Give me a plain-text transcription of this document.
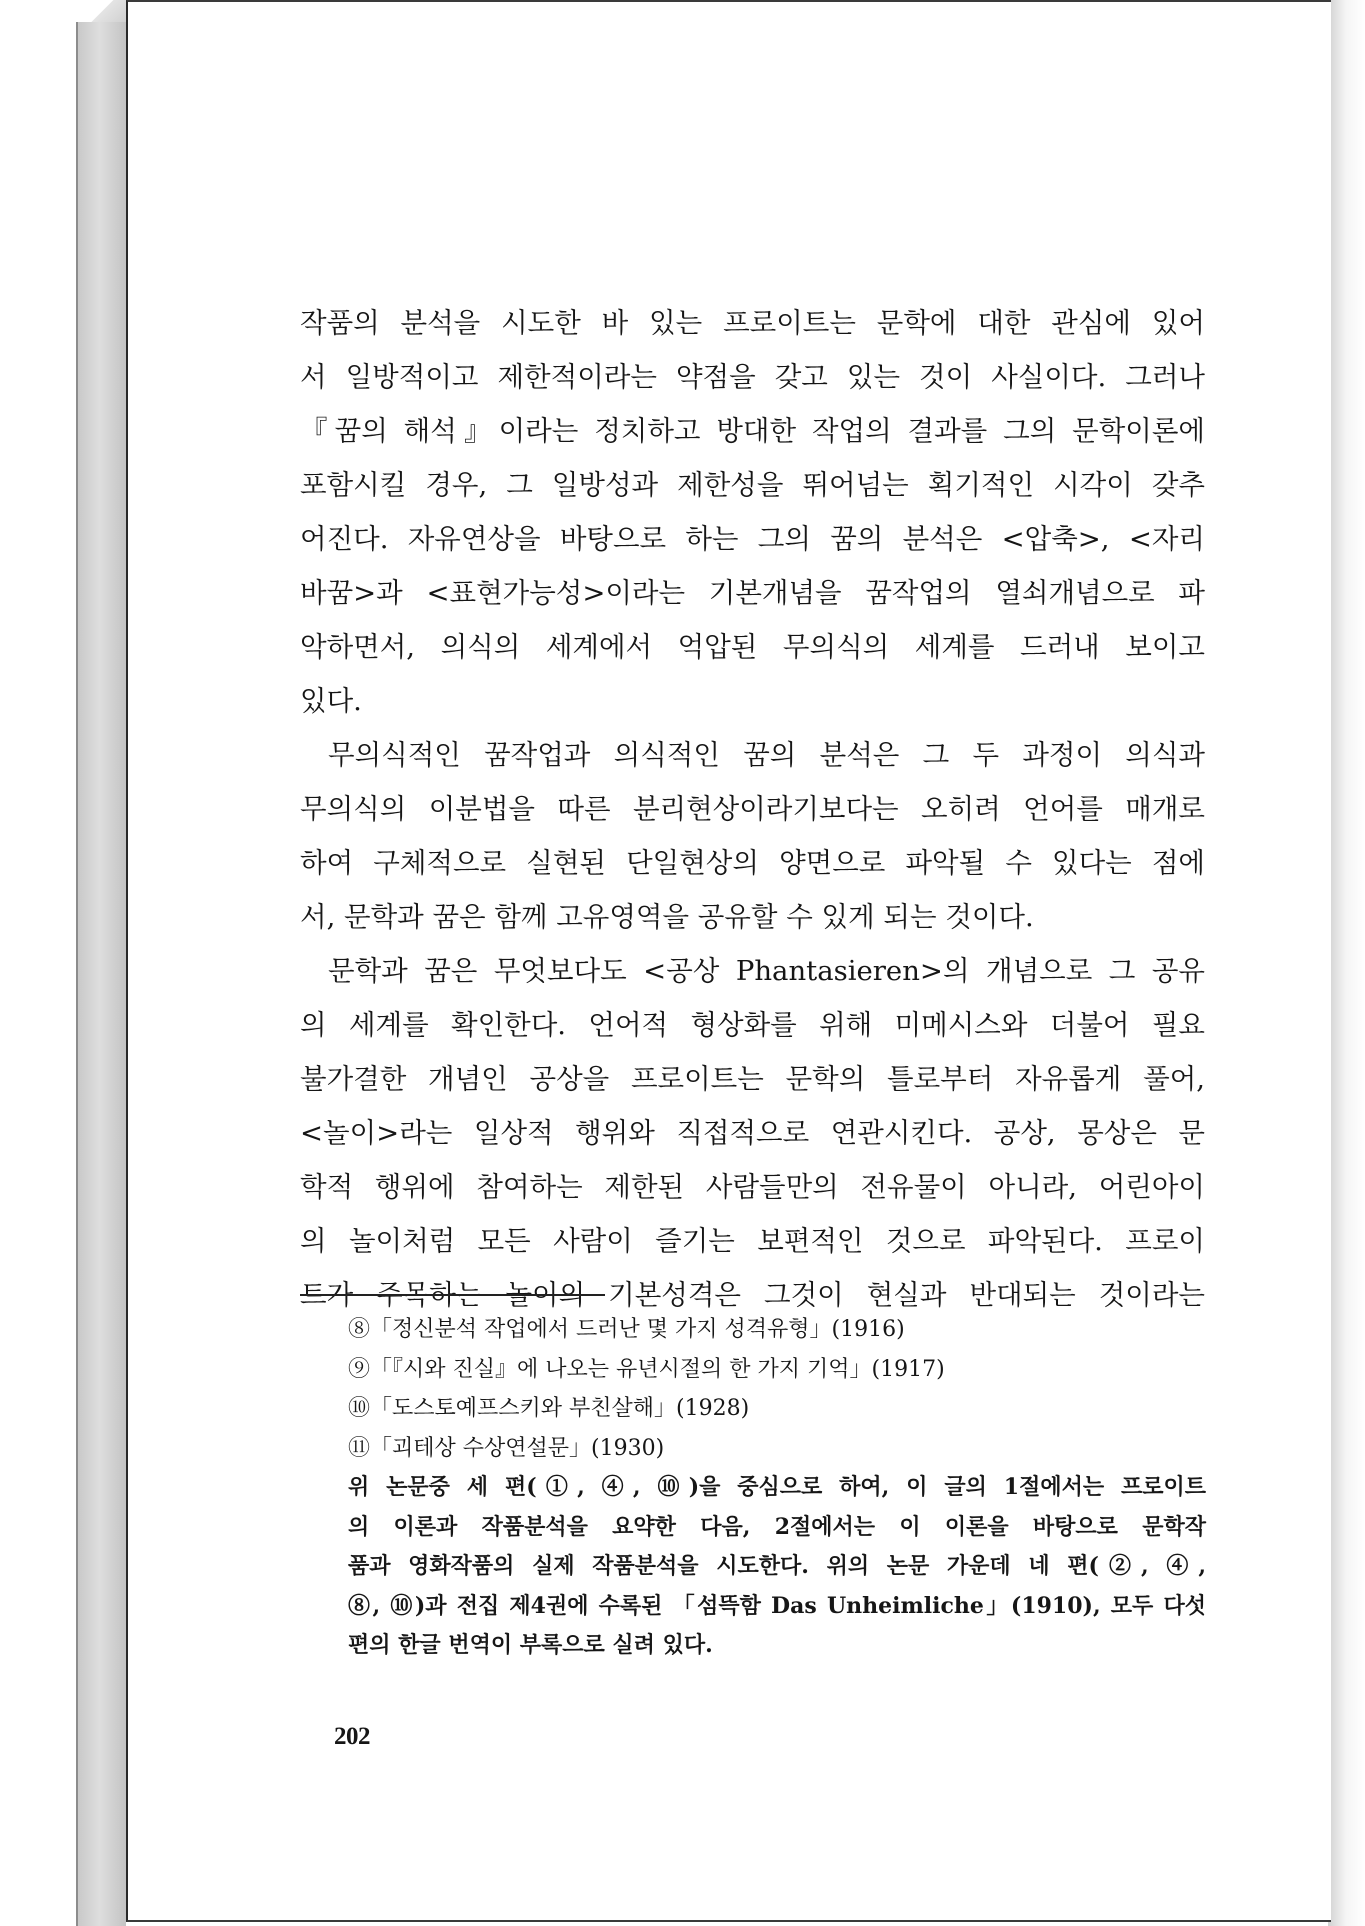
작품의 분석을 시도한 바 있는 프로이트는 문학에 대한 관심에 있어
서 일방적이고 제한적이라는 약점을 갖고 있는 것이 사실이다. 그러나
『꿈의 해석』이라는 정치하고 방대한 작업의 결과를 그의 문학이론에
포함시킬 경우, 그 일방성과 제한성을 뛰어넘는 획기적인 시각이 갖추
어진다. 자유연상을 바탕으로 하는 그의 꿈의 분석은 <압축>, <자리
바꿈>과 <표현가능성>이라는 기본개념을 꿈작업의 열쇠개념으로 파
악하면서, 의식의 세계에서 억압된 무의식의 세계를 드러내 보이고
있다.
무의식적인 꿈작업과 의식적인 꿈의 분석은 그 두 과정이 의식과
무의식의 이분법을 따른 분리현상이라기보다는 오히려 언어를 매개로
하여 구체적으로 실현된 단일현상의 양면으로 파악될 수 있다는 점에
서, 문학과 꿈은 함께 고유영역을 공유할 수 있게 되는 것이다.
문학과 꿈은 무엇보다도 <공상 Phantasieren>의 개념으로 그 공유
의 세계를 확인한다. 언어적 형상화를 위해 미메시스와 더불어 필요
불가결한 개념인 공상을 프로이트는 문학의 틀로부터 자유롭게 풀어,
<놀이>라는 일상적 행위와 직접적으로 연관시킨다. 공상, 몽상은 문
학적 행위에 참여하는 제한된 사람들만의 전유물이 아니라, 어린아이
의 놀이처럼 모든 사람이 즐기는 보편적인 것으로 파악된다. 프로이
트가 주목하는 놀이의 기본성격은 그것이 현실과 반대되는 것이라는
⑧「정신분석 작업에서 드러난 몇 가지 성격유형」(1916)
⑨「『시와 진실』에 나오는 유년시절의 한 가지 기억」(1917)
⑩「도스토예프스키와 부친살해」(1928)
⑪「괴테상 수상연설문」(1930)
위 논문중 세 편(①, ④, ⑩)을 중심으로 하여, 이 글의 1절에서는 프로이트
의 이론과 작품분석을 요약한 다음, 2절에서는 이 이론을 바탕으로 문학작
품과 영화작품의 실제 작품분석을 시도한다. 위의 논문 가운데 네 편(②, ④,
⑧, ⑩)과 전집 제4권에 수록된 「섬뜩함 Das Unheimliche」(1910), 모두 다섯
편의 한글 번역이 부록으로 실려 있다.
202
